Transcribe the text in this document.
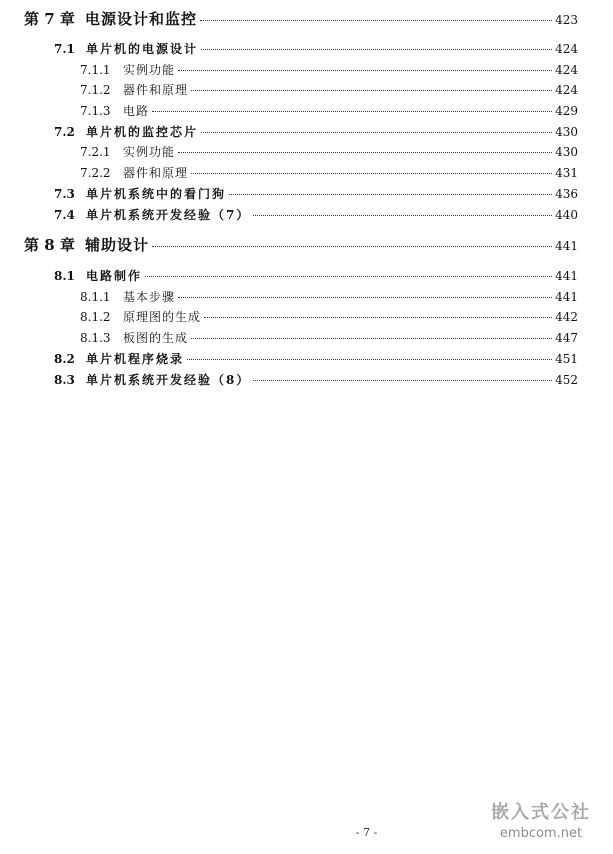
第 7 章 电源设计和监控	423
7.1 单片机的电源设计	424
7.1.1	实例功能	424
7.1.2	器件和原理	424
7.1.3	电路	429
7.2 单片机的监控芯片	430
7.2.1	实例功能	430
7.2.2	器件和原理	431
7.3 单片机系统中的看门狗	436
7.4 单片机系统开发经验（7）	440
第 8 章 辅助设计	441
8.1 电路制作	441
8.1.1	基本步骤	441
8.1.2	原理图的生成	442
8.1.3	板图的生成	447
8.2 单片机程序烧录	451
8.3 单片机系统开发经验（8）	452
- 7 -
嵌入式公社
embcom.net
